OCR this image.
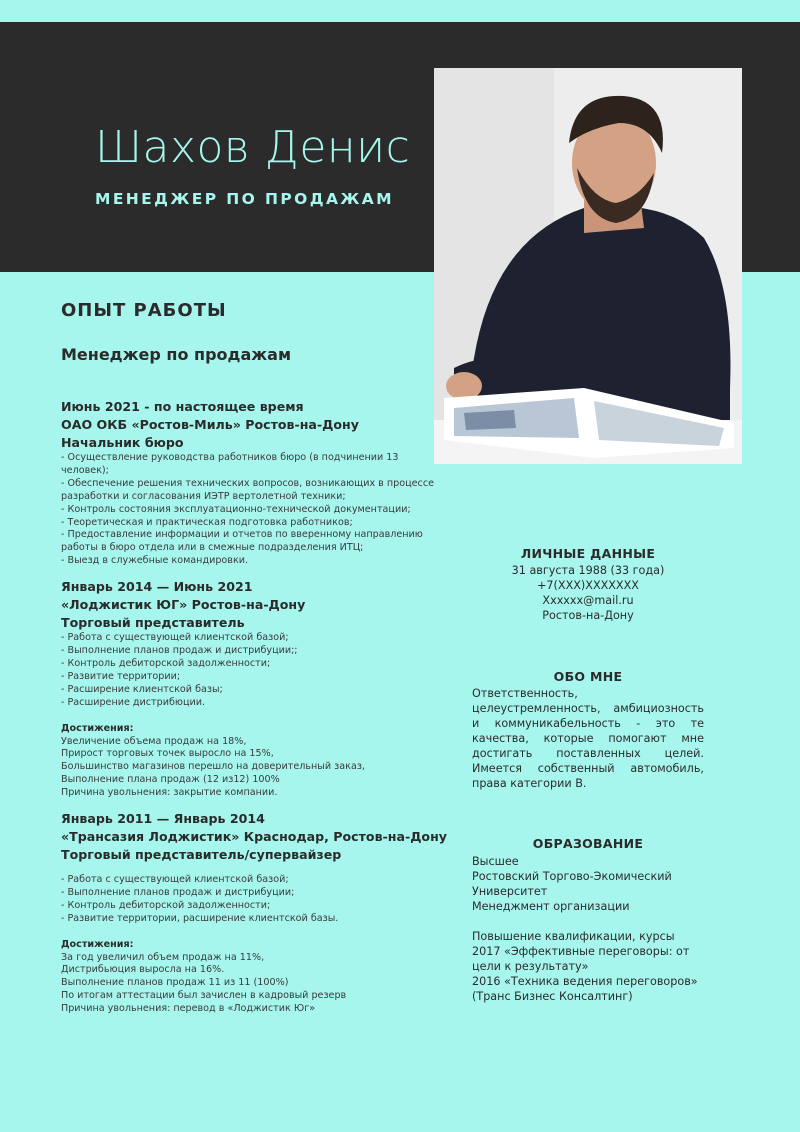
Шахов Денис
МЕНЕДЖЕР ПО ПРОДАЖАМ
ОПЫТ РАБОТЫ
Менеджер по продажам
Июнь 2021 - по настоящее время
ОАО ОКБ «Ростов-Миль» Ростов-на-Дону
Начальник бюро
- Осуществление руководства работников бюро (в подчинении 13 человек);
- Обеспечение решения технических вопросов, возникающих в процессе разработки и согласования ИЭТР вертолетной техники;
- Контроль состояния эксплуатационно-технической документации;
- Теоретическая и практическая подготовка работников;
- Предоставление информации и отчетов по вверенному направлению работы в бюро отдела или в смежные подразделения ИТЦ;
- Выезд в служебные командировки.
Январь 2014 — Июнь 2021
«Лоджистик ЮГ» Ростов-на-Дону
Торговый представитель
- Работа с существующей клиентской базой;
- Выполнение планов продаж и дистрибуции;;
- Контроль дебиторской задолженности;
- Развитие территории;
- Расширение клиентской базы;
- Расширение дистрибюции.
Достижения:
Увеличение объема продаж на 18%,
Прирост торговых точек выросло на 15%,
Большинство магазинов перешло на доверительный заказ,
Выполнение плана продаж (12 из12) 100%
Причина увольнения: закрытие компании.
Январь 2011 — Январь 2014
«Трансазия Лоджистик» Краснодар, Ростов-на-Дону
Торговый представитель/супервайзер
- Работа с существующей клиентской базой;
- Выполнение планов продаж и дистрибуции;
- Контроль дебиторской задолженности;
- Развитие территории, расширение клиентской базы.
Достижения:
За год увеличил объем продаж на 11%,
Дистрибьюция выросла на 16%.
Выполнение планов продаж 11 из 11 (100%)
По итогам аттестации был зачислен в кадровый резерв
Причина увольнения: перевод в «Лоджистик Юг»
ЛИЧНЫЕ ДАННЫЕ
31 августа 1988 (33 года)
+7(XXX)XXXXXXX
Xxxxxx@mail.ru
Ростов-на-Дону
ОБО МНЕ

Ответственность, целеустремленность, амбициозность и коммуникабельность - это те качества, которые помогают мне достигать поставленных целей. Имеется собственный автомобиль, права категории В.

ОБРАЗОВАНИЕ
Высшее
Ростовский Торгово-Экомический
Университет
Менеджмент организации
Повышение квалификации, курсы
2017 «Эффективные переговоры: от
цели к результату»
2016 «Техника ведения переговоров»
(Транс Бизнес Консалтинг)
